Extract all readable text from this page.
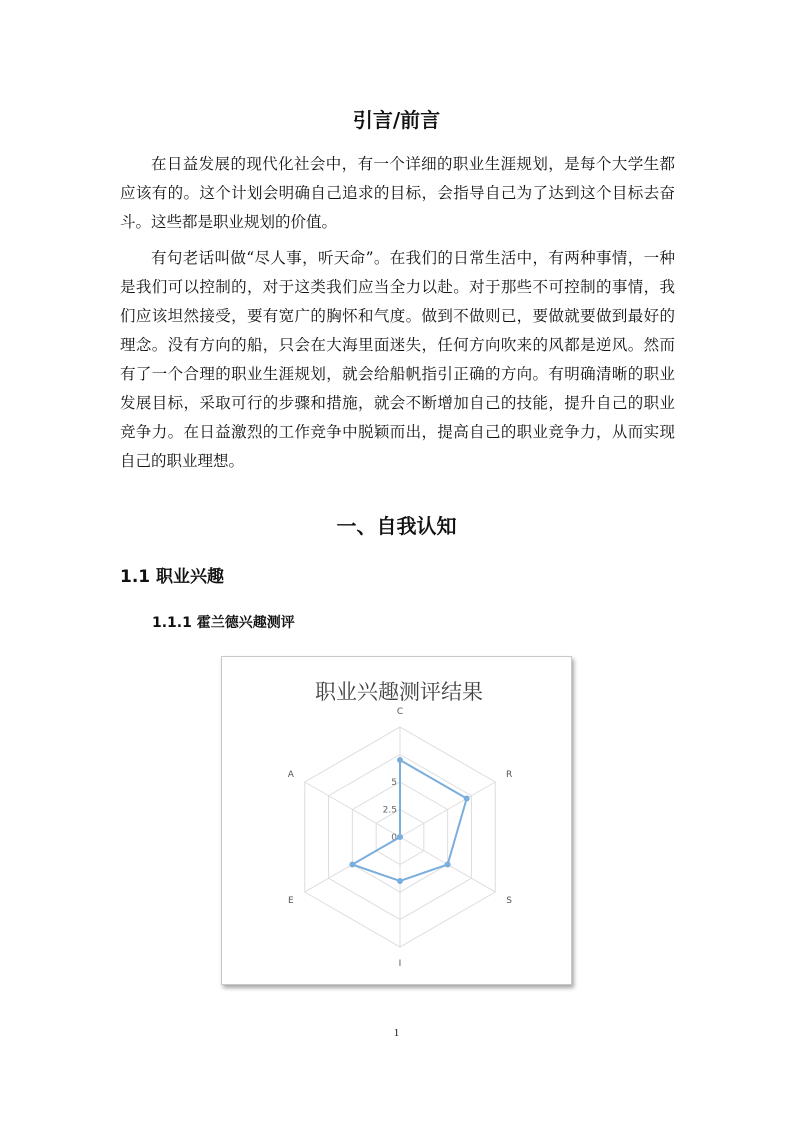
引言/前言

在日益发展的现代化社会中，有一个详细的职业生涯规划，是每个大学生都应该有的。这个计划会明确自己追求的目标，会指导自己为了达到这个目标去奋斗。这些都是职业规划的价值。

有句老话叫做“尽人事，听天命”。在我们的日常生活中，有两种事情，一种是我们可以控制的，对于这类我们应当全力以赴。对于那些不可控制的事情，我们应该坦然接受，要有宽广的胸怀和气度。做到不做则已，要做就要做到最好的理念。没有方向的船，只会在大海里面迷失，任何方向吹来的风都是逆风。然而有了一个合理的职业生涯规划，就会给船帆指引正确的方向。有明确清晰的职业发展目标，采取可行的步骤和措施，就会不断增加自己的技能，提升自己的职业竞争力。在日益激烈的工作竞争中脱颖而出，提高自己的职业竞争力，从而实现自己的职业理想。

一、自我认知
1.1 职业兴趣
1.1.1 霍兰德兴趣测评
职业兴趣测评结果
0
2.5
5
C
R
S
I
E
A
1
